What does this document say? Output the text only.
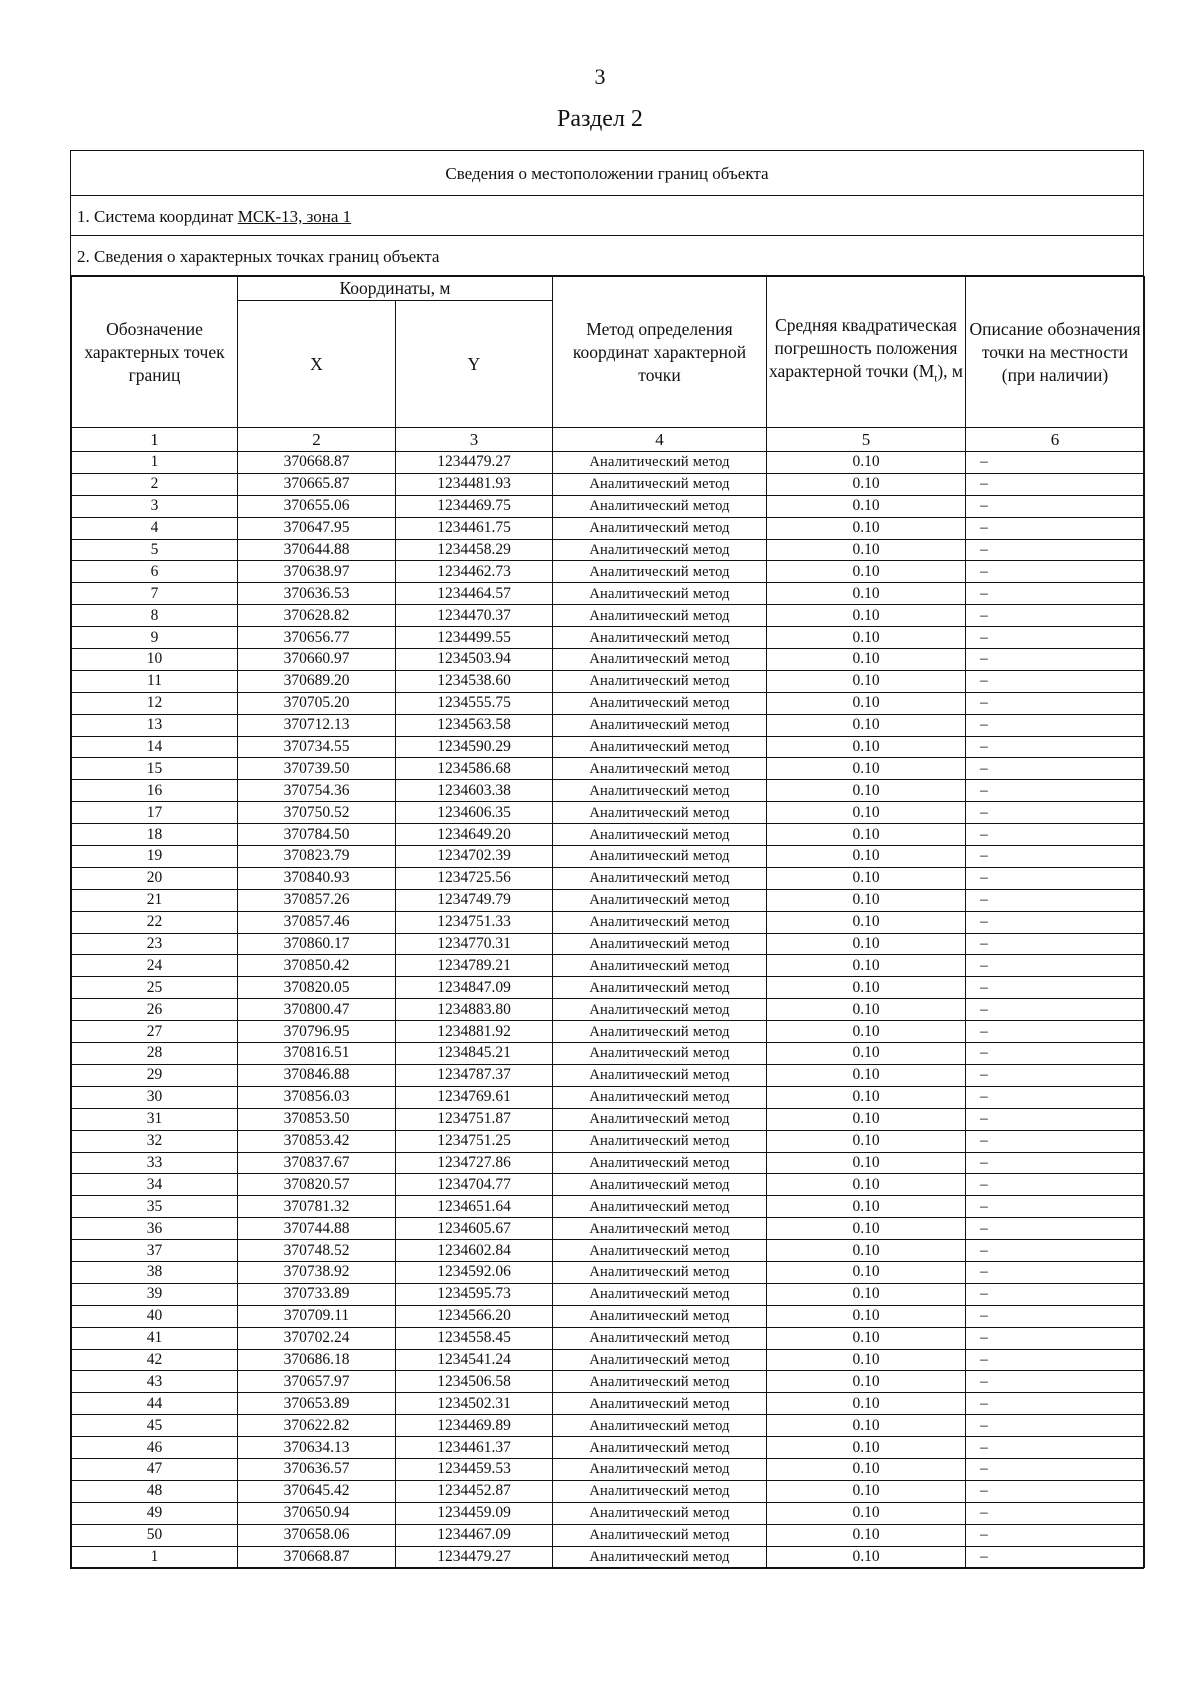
3
Раздел 2
Сведения о местоположении границ объекта
1. Система координат МСК-13, зона 1
2. Сведения о характерных точках границ объекта
Обозначение характерных точек границ	Координаты, м		Метод определения координат характерной точки	Средняя квадратическая погрешность положения характерной точки $(M_t)$, м	Описание обозначения точки на местности (при наличии)
	X	Y			
1	2	3	4	5	6
1	370668.87	1234479.27	Аналитический метод	0.10	–
2	370665.87	1234481.93	Аналитический метод	0.10	–
3	370655.06	1234469.75	Аналитический метод	0.10	–
4	370647.95	1234461.75	Аналитический метод	0.10	–
5	370644.88	1234458.29	Аналитический метод	0.10	–
6	370638.97	1234462.73	Аналитический метод	0.10	–
7	370636.53	1234464.57	Аналитический метод	0.10	–
8	370628.82	1234470.37	Аналитический метод	0.10	–
9	370656.77	1234499.55	Аналитический метод	0.10	–
10	370660.97	1234503.94	Аналитический метод	0.10	–
11	370689.20	1234538.60	Аналитический метод	0.10	–
12	370705.20	1234555.75	Аналитический метод	0.10	–
13	370712.13	1234563.58	Аналитический метод	0.10	–
14	370734.55	1234590.29	Аналитический метод	0.10	–
15	370739.50	1234586.68	Аналитический метод	0.10	–
16	370754.36	1234603.38	Аналитический метод	0.10	–
17	370750.52	1234606.35	Аналитический метод	0.10	–
18	370784.50	1234649.20	Аналитический метод	0.10	–
19	370823.79	1234702.39	Аналитический метод	0.10	–
20	370840.93	1234725.56	Аналитический метод	0.10	–
21	370857.26	1234749.79	Аналитический метод	0.10	–
22	370857.46	1234751.33	Аналитический метод	0.10	–
23	370860.17	1234770.31	Аналитический метод	0.10	–
24	370850.42	1234789.21	Аналитический метод	0.10	–
25	370820.05	1234847.09	Аналитический метод	0.10	–
26	370800.47	1234883.80	Аналитический метод	0.10	–
27	370796.95	1234881.92	Аналитический метод	0.10	–
28	370816.51	1234845.21	Аналитический метод	0.10	–
29	370846.88	1234787.37	Аналитический метод	0.10	–
30	370856.03	1234769.61	Аналитический метод	0.10	–
31	370853.50	1234751.87	Аналитический метод	0.10	–
32	370853.42	1234751.25	Аналитический метод	0.10	–
33	370837.67	1234727.86	Аналитический метод	0.10	–
34	370820.57	1234704.77	Аналитический метод	0.10	–
35	370781.32	1234651.64	Аналитический метод	0.10	–
36	370744.88	1234605.67	Аналитический метод	0.10	–
37	370748.52	1234602.84	Аналитический метод	0.10	–
38	370738.92	1234592.06	Аналитический метод	0.10	–
39	370733.89	1234595.73	Аналитический метод	0.10	–
40	370709.11	1234566.20	Аналитический метод	0.10	–
41	370702.24	1234558.45	Аналитический метод	0.10	–
42	370686.18	1234541.24	Аналитический метод	0.10	–
43	370657.97	1234506.58	Аналитический метод	0.10	–
44	370653.89	1234502.31	Аналитический метод	0.10	–
45	370622.82	1234469.89	Аналитический метод	0.10	–
46	370634.13	1234461.37	Аналитический метод	0.10	–
47	370636.57	1234459.53	Аналитический метод	0.10	–
48	370645.42	1234452.87	Аналитический метод	0.10	–
49	370650.94	1234459.09	Аналитический метод	0.10	–
50	370658.06	1234467.09	Аналитический метод	0.10	–
1	370668.87	1234479.27	Аналитический метод	0.10	–
